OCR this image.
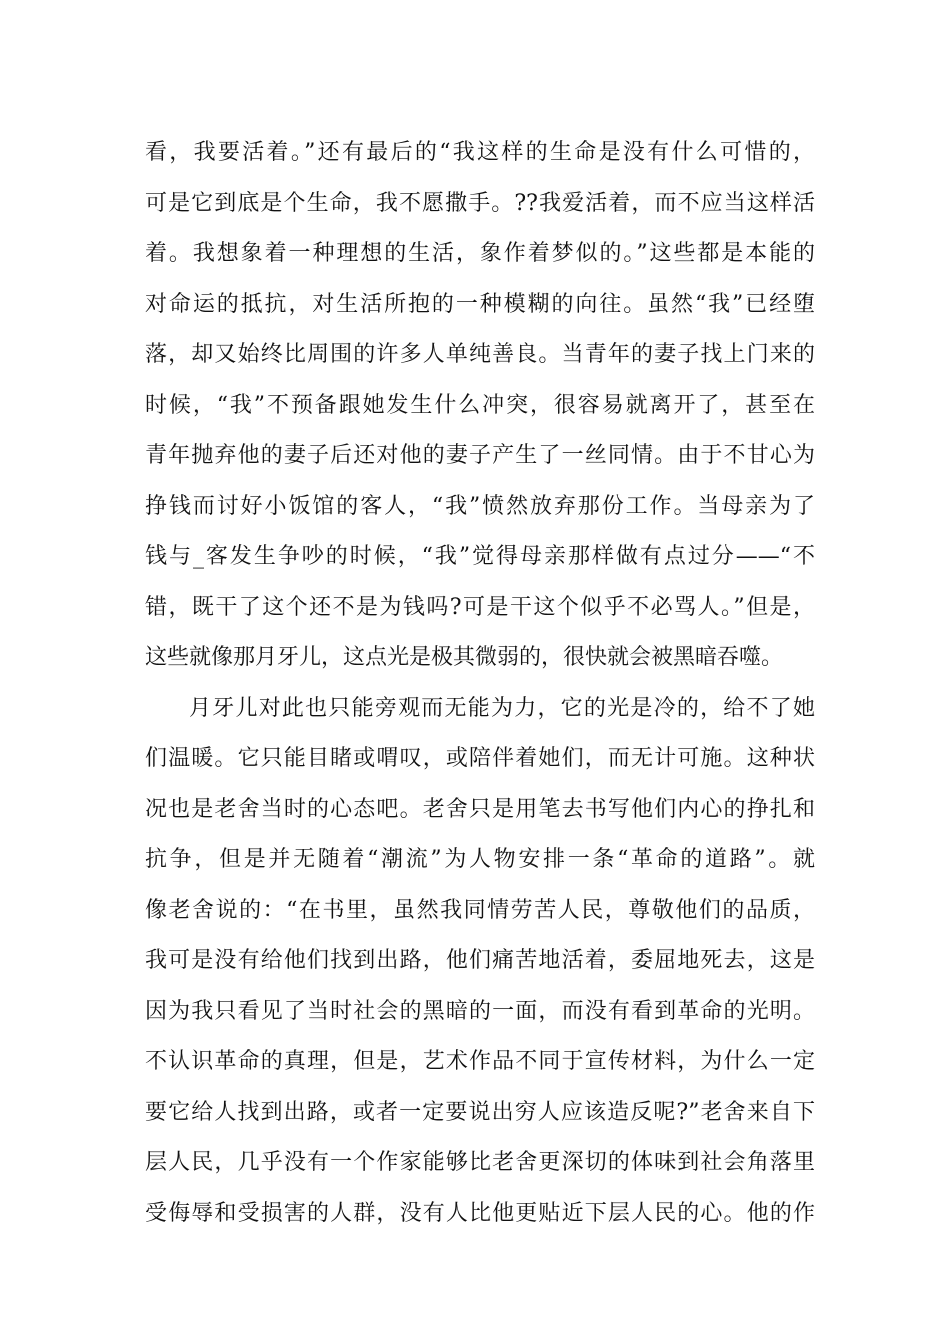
看，我要活着。”还有最后的“我这样的生命是没有什么可惜的，
可是它到底是个生命，我不愿撒手。??我爱活着，而不应当这样活
着。我想象着一种理想的生活，象作着梦似的。”这些都是本能的
对命运的抵抗，对生活所抱的一种模糊的向往。虽然“我”已经堕
落，却又始终比周围的许多人单纯善良。当青年的妻子找上门来的
时候，“我”不预备跟她发生什么冲突，很容易就离开了，甚至在
青年抛弃他的妻子后还对他的妻子产生了一丝同情。由于不甘心为
挣钱而讨好小饭馆的客人，“我”愤然放弃那份工作。当母亲为了
钱与_客发生争吵的时候，“我”觉得母亲那样做有点过分——“不
错，既干了这个还不是为钱吗?可是干这个似乎不必骂人。”但是，
这些就像那月牙儿，这点光是极其微弱的，很快就会被黑暗吞噬。
月牙儿对此也只能旁观而无能为力，它的光是冷的，给不了她
们温暖。它只能目睹或喟叹，或陪伴着她们，而无计可施。这种状
况也是老舍当时的心态吧。老舍只是用笔去书写他们内心的挣扎和
抗争，但是并无随着“潮流”为人物安排一条“革命的道路”。就
像老舍说的：“在书里，虽然我同情劳苦人民，尊敬他们的品质，
我可是没有给他们找到出路，他们痛苦地活着，委屈地死去，这是
因为我只看见了当时社会的黑暗的一面，而没有看到革命的光明。
不认识革命的真理，但是，艺术作品不同于宣传材料，为什么一定
要它给人找到出路，或者一定要说出穷人应该造反呢?”老舍来自下
层人民，几乎没有一个作家能够比老舍更深切的体味到社会角落里
受侮辱和受损害的人群，没有人比他更贴近下层人民的心。他的作
